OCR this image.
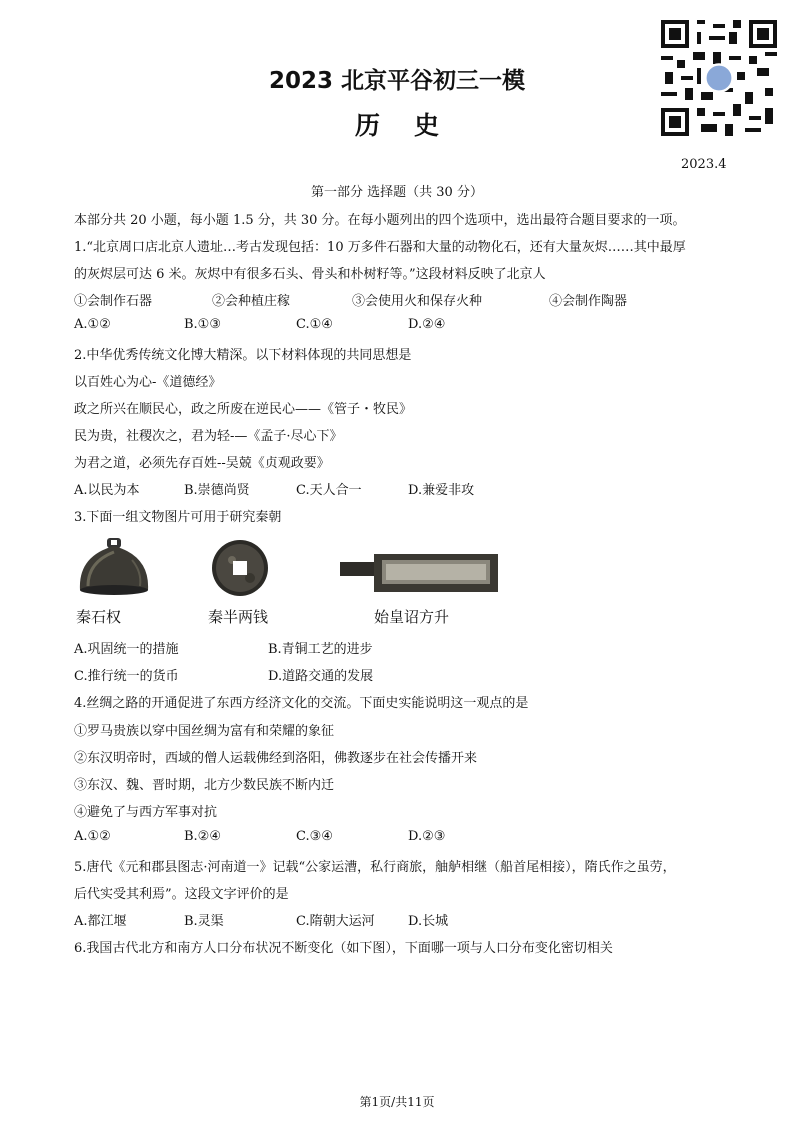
2023 北京平谷初三一模
历史
2023.4
第一部分 选择题（共 30 分）
本部分共 20 小题，每小题 1.5 分，共 30 分。在每小题列出的四个选项中，选出最符合题目要求的一项。
1.“北京周口店北京人遗址…考古发现包括：10 万多件石器和大量的动物化石，还有大量灰烬……其中最厚
的灰烬层可达 6 米。灰烬中有很多石头、骨头和朴树籽等。”这段材料反映了北京人
①会制作石器	②会种植庄稼	③会使用火和保存火种	④会制作陶器
A.①②	B.①③	C.①④	D.②④
2.中华优秀传统文化博大精深。以下材料体现的共同思想是
以百姓心为心-《道德经》
政之所兴在顺民心，政之所废在逆民心——《管子・牧民》
民为贵，社稷次之，君为轻-—《孟子·尽心下》
为君之道，必须先存百姓--吴兢《贞观政要》
A.以民为本	B.崇德尚贤	C.天人合一	D.兼爱非攻
3.下面一组文物图片可用于研究秦朝
秦石权	秦半两钱	始皇诏方升
A.巩固统一的措施	B.青铜工艺的进步
C.推行统一的货币	D.道路交通的发展
4.丝绸之路的开通促进了东西方经济文化的交流。下面史实能说明这一观点的是
①罗马贵族以穿中国丝绸为富有和荣耀的象征
②东汉明帝时，西域的僧人运载佛经到洛阳，佛教逐步在社会传播开来
③东汉、魏、晋时期，北方少数民族不断内迁
④避免了与西方军事对抗
A.①②	B.②④	C.③④	D.②③
5.唐代《元和郡县图志·河南道一》记载“公家运漕，私行商旅，舳舻相继（船首尾相接），隋氏作之虽劳，
后代实受其利焉”。这段文字评价的是
A.都江堰	B.灵渠	C.隋朝大运河	D.长城
6.我国古代北方和南方人口分布状况不断变化（如下图），下面哪一项与人口分布变化密切相关
第1页/共11页
